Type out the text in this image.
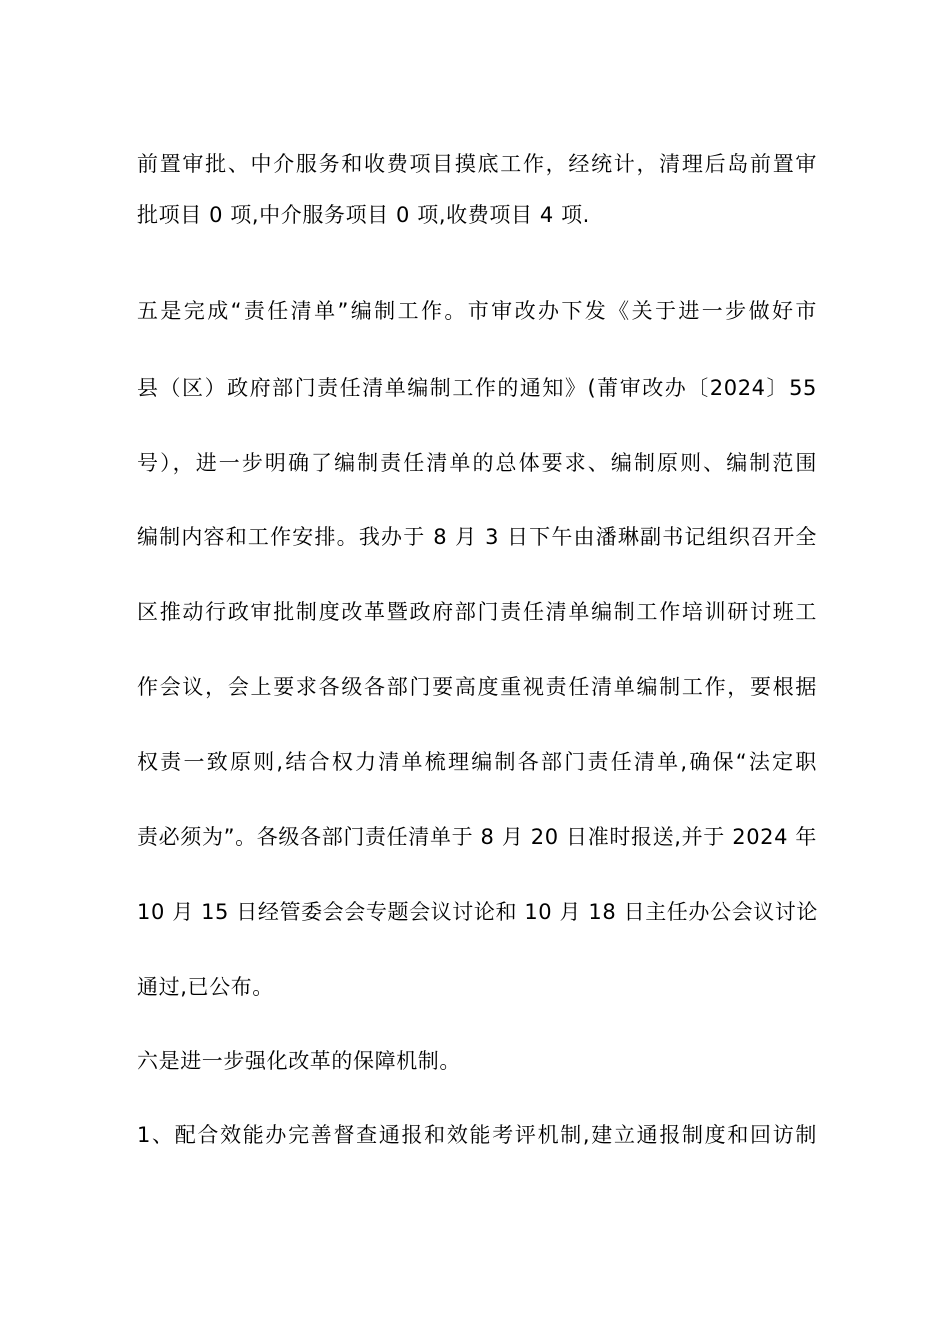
前置审批、中介服务和收费项目摸底工作，经统计，清理后岛前置审
批项目 0 项,中介服务项目 0 项,收费项目 4 项.
五是完成“责任清单”编制工作。市审改办下发《关于进一步做好市
县（区）政府部门责任清单编制工作的通知》(莆审改办〔2024〕55
号），进一步明确了编制责任清单的总体要求、编制原则、编制范围
编制内容和工作安排。我办于 8 月 3 日下午由潘琳副书记组织召开全
区推动行政审批制度改革暨政府部门责任清单编制工作培训研讨班工
作会议，会上要求各级各部门要高度重视责任清单编制工作，要根据
权责一致原则,结合权力清单梳理编制各部门责任清单,确保“法定职
责必须为”。各级各部门责任清单于 8 月 20 日准时报送,并于 2024 年
10 月 15 日经管委会会专题会议讨论和 10 月 18 日主任办公会议讨论
通过,已公布。
六是进一步强化改革的保障机制。
1、配合效能办完善督查通报和效能考评机制,建立通报制度和回访制
